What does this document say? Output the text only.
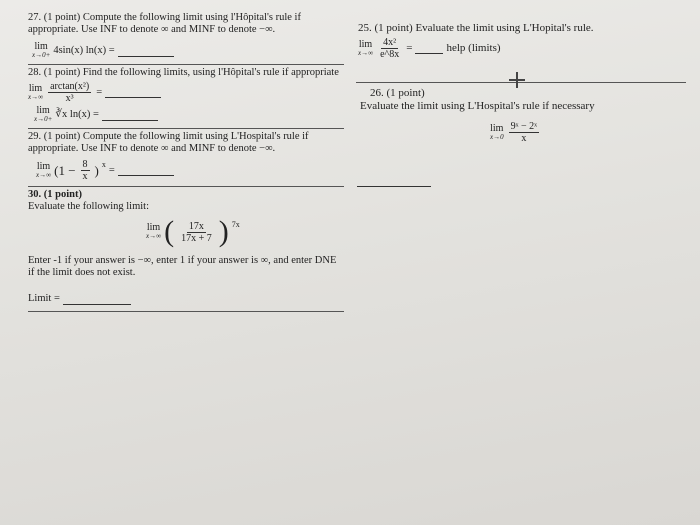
27. (1 point) Compute the following limit using l'Hôpital's rule if appropriate. Use INF to denote ∞ and MINF to denote −∞.
lim
x→0+ 4sin(x) ln(x) =
28. (1 point) Find the following limits, using l'Hôpital's rule if appropriate
lim
$x\to\infty \frac{\text{arctan(x²)}}{\text{x³}}$ =
lim
x→0+ ∛x ln(x) =
29. (1 point) Compute the following limit using L'Hospital's rule if appropriate. Use INF to denote ∞ and MINF to denote −∞.
lim
x→∞ ($1 - \frac{8}{x}$ ) $^x$ =
30. (1 point)
Evaluate the following limit:
lim
x→∞ ( $\frac{17x}{17x + 7}$ ) $^{7x}$
Enter -1 if your answer is −∞, enter 1 if your answer is ∞, and enter DNE if the limit does not exist.
Limit =
25. (1 point) Evaluate the limit using L'Hopital's rule.
lim
$x\to\infty \frac{\text{4x²}}{e\^{}8x}$ =	help (limits)
26. (1 point)
Evaluate the limit using L'Hospital's rule if necessary
lim
$x\to 0 \frac{\text{9ˣ − 2ˣ}}{x}$
